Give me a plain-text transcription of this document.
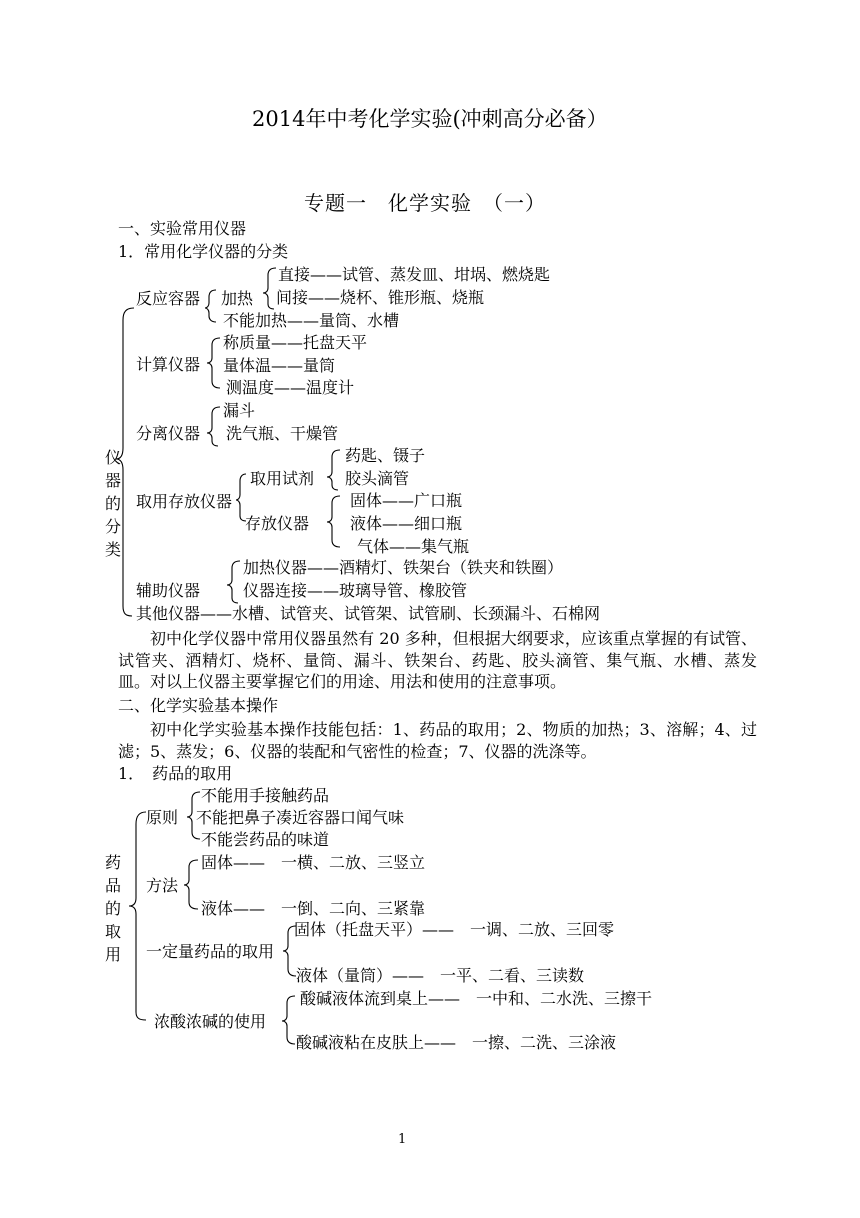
2014年中考化学实验(冲刺高分必备）
专题一　化学实验　（一）
一、实验常用仪器
1．常用化学仪器的分类
仪器的分类
反应容器 加热
直接——试管、蒸发皿、坩埚、燃烧匙
间接——烧杯、锥形瓶、烧瓶
不能加热——量筒、水槽
计算仪器
称质量——托盘天平
量体温——量筒
测温度——温度计
分离仪器
漏斗
洗气瓶、干燥管
取用存放仪器
取用试剂
药匙、镊子
胶头滴管
存放仪器
固体——广口瓶
液体——细口瓶
气体——集气瓶
辅助仪器
加热仪器——酒精灯、铁架台（铁夹和铁圈）
仪器连接——玻璃导管、橡胶管
其他仪器——水槽、试管夹、试管架、试管刷、长颈漏斗、石棉网
初中化学仪器中常用仪器虽然有 20 多种，但根据大纲要求，应该重点掌握的有试管、试管夹、酒精灯、烧杯、量筒、漏斗、铁架台、药匙、胶头滴管、集气瓶、水槽、蒸发皿。对以上仪器主要掌握它们的用途、用法和使用的注意事项。
二、化学实验基本操作
初中化学实验基本操作技能包括：1、药品的取用；2、物质的加热；3、溶解；4、过滤；5、蒸发；6、仪器的装配和气密性的检查；7、仪器的洗涤等。
1．　药品的取用
药品的取用
原则
不能用手接触药品
不能把鼻子凑近容器口闻气味
不能尝药品的味道
方法
固体——　一横、二放、三竖立
液体——　一倒、二向、三紧靠
一定量药品的取用
固体（托盘天平）——　一调、二放、三回零
液体（量筒）——　一平、二看、三读数
浓酸浓碱的使用
酸碱液体流到桌上——　一中和、二水洗、三擦干
酸碱液粘在皮肤上——　一擦、二洗、三涂液
1
